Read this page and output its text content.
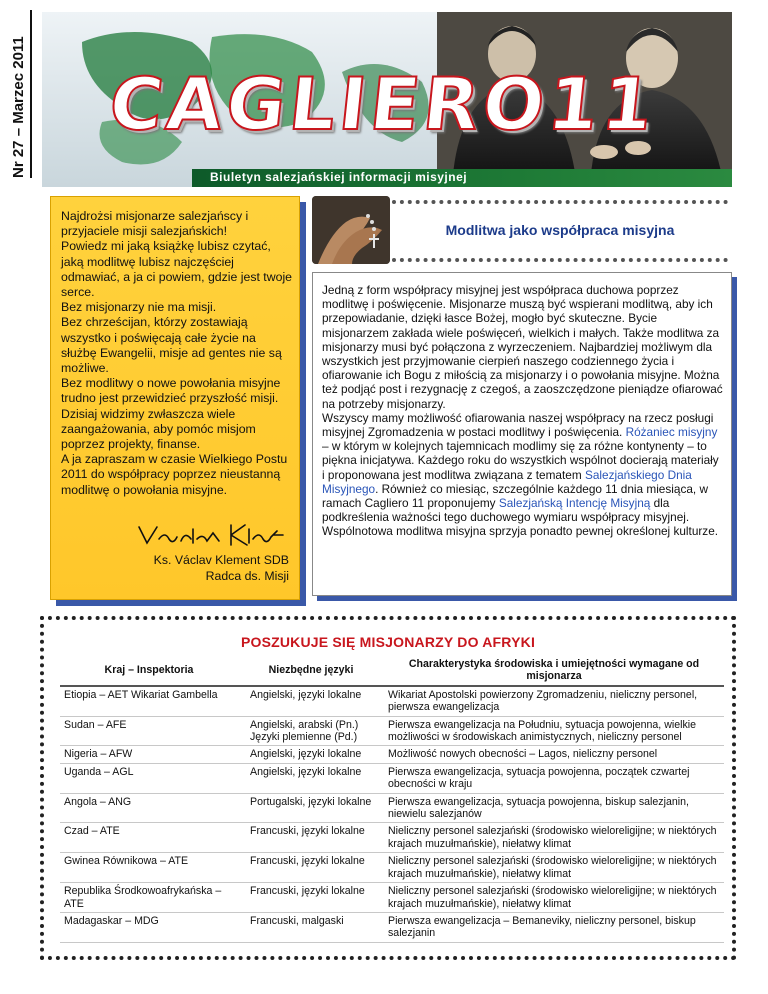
Nr 27 – Marzec 2011 CAGLIERO11
Biuletyn salezjańskiej informacji misyjnej

Najdrożsi misjonarze salezjańscy i przyjaciele misji salezjańskich!

Powiedz mi jaką książkę lubisz czytać, jaką modlitwę lubisz najczęściej odmawiać, a ja ci powiem, gdzie jest twoje serce.

Bez misjonarzy nie ma misji.

Bez chrześcijan, którzy zostawiają wszystko i poświęcają całe życie na służbę Ewangelii, misje ad gentes nie są możliwe.

Bez modlitwy o nowe powołania misyjne trudno jest przewidzieć przyszłość misji.

Dzisiaj widzimy zwłaszcza wiele zaangażowania, aby pomóc misjom poprzez projekty, finanse.

A ja zapraszam w czasie Wielkiego Postu 2011 do współpracy poprzez nieustanną modlitwę o powołania misyjne.

Ks. Václav Klement SDB
Radca ds. Misji
Modlitwa jako współpraca misyjna

Jedną z form współpracy misyjnej jest współpraca duchowa poprzez modlitwę i poświęcenie. Misjonarze muszą być wspierani modlitwą, aby ich przepowiadanie, dzięki łasce Bożej, mogło być skuteczne. Bycie misjonarzem zakłada wiele poświęceń, wielkich i małych. Także modlitwa za misjonarzy musi być połączona z wyrzeczeniem. Najbardziej możliwym dla wszystkich jest przyjmowanie cierpień naszego codziennego życia i ofiarowanie ich Bogu z miłością za misjonarzy i o powołania misyjne. Można też podjąć post i rezygnację z czegoś, a zaoszczędzone pieniądze ofiarować na potrzeby misjonarzy.

Wszyscy mamy możliwość ofiarowania naszej współpracy na rzecz posługi misyjnej Zgromadzenia w postaci modlitwy i poświęcenia. Różaniec misyjny – w którym w kolejnych tajemnicach modlimy się za różne kontynenty – to piękna inicjatywa. Każdego roku do wszystkich wspólnot docierają materiały i proponowana jest modlitwa związana z tematem Salezjańskiego Dnia Misyjnego. Również co miesiąc, szczególnie każdego 11 dnia miesiąca, w ramach Cagliero 11 proponujemy Salezjańską Intencję Misyjną dla podkreślenia ważności tego duchowego wymiaru współpracy misyjnej.

Wspólnotowa modlitwa misyjna sprzyja ponadto pewnej określonej kulturze.

POSZUKUJE SIĘ MISJONARZY DO AFRYKI
Kraj – Inspektoria	Niezbędne języki	Charakterystyka środowiska i umiejętności wymagane od misjonarza
Etiopia – AET Wikariat Gambella	Angielski, języki lokalne	Wikariat Apostolski powierzony Zgromadzeniu, nieliczny personel, pierwsza ewangelizacja
Sudan – AFE	Angielski, arabski (Pn.) Języki plemienne (Pd.)	Pierwsza ewangelizacja na Południu, sytuacja powojenna, wielkie możliwości w środowiskach animistycznych, nieliczny personel
Nigeria – AFW	Angielski, języki lokalne	Możliwość nowych obecności – Lagos, nieliczny personel
Uganda – AGL	Angielski, języki lokalne	Pierwsza ewangelizacja, sytuacja powojenna, początek czwartej obecności w kraju
Angola – ANG	Portugalski, języki lokalne	Pierwsza ewangelizacja, sytuacja powojenna, biskup salezjanin, niewielu salezjanów
Czad – ATE	Francuski, języki lokalne	Nieliczny personel salezjański (środowisko wieloreligijne; w niektórych krajach muzułmańskie), niełatwy klimat
Gwinea Równikowa – ATE	Francuski, języki lokalne	Nieliczny personel salezjański (środowisko wieloreligijne; w niektórych krajach muzułmańskie), niełatwy klimat
Republika Środkowoafrykańska – ATE	Francuski, języki lokalne	Nieliczny personel salezjański (środowisko wieloreligijne; w niektórych krajach muzułmańskie), niełatwy klimat
Madagaskar – MDG	Francuski, malgaski	Pierwsza ewangelizacja – Bemaneviky, nieliczny personel, biskup salezjanin
